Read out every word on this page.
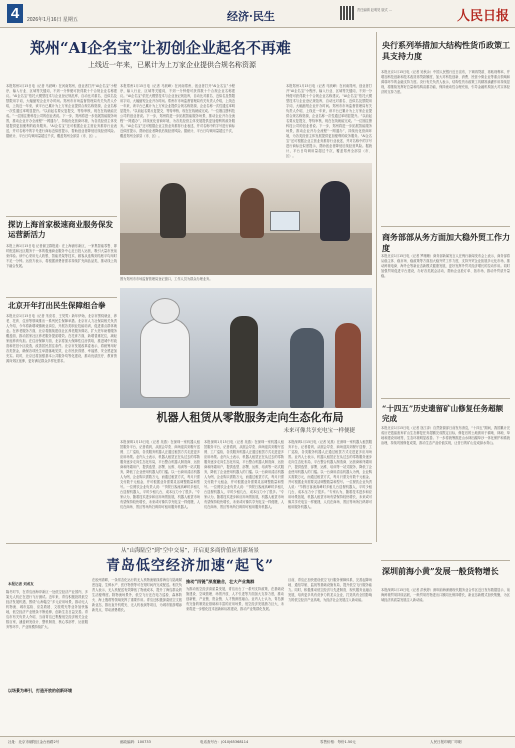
4	2026年1月16日 星期五	经济·民生	责任编辑 赵明昊 版式 …	人民日报
郑州“AI企名宝”让初创企业起名不再难
上线近一年来，已累计为上万家企业提供合规名称资源
本报郑州1月15日电（记者 马跃峰）在河南郑州，创业者打开“AI企名宝”小程序，输入行业、区域等关键词，不到一分钟便可获得数十个合规企业名称建议。“AI企名宝”依托大模型技术与企业登记规范库，自动比对重名、近似名及禁限用字词，大幅缩短企业开办时间。郑州市市场监督管理局有关负责人介绍，上线近一年来，该平台已累计为上万家企业提供合规名称资源，企业名称一次性通过率明显提升。“以前起名要反复提交、等待审核，现在在线就能完成。”一位刚注册科技公司的创业者说。下一步，郑州将进一步拓展智能服务场景，推动企业开办全流程“一网通办”，持续优化营商环境，为各类经营主体发展提供更加便利的政务服务。“AI企名宝”还可根据企业主营业务推荐行业表述，并对名称中的字号进行商标近似度提示，帮助创业者降低后续经营风险。据统计，平台日均调用量超过千次，覆盖郑州全部县（市、区）。
本报郑州1月15日电（记者 马跃峰）在河南郑州，创业者打开“AI企名宝”小程序，输入行业、区域等关键词，不到一分钟便可获得数十个合规企业名称建议。“AI企名宝”依托大模型技术与企业登记规范库，自动比对重名、近似名及禁限用字词，大幅缩短企业开办时间。郑州市市场监督管理局有关负责人介绍，上线近一年来，该平台已累计为上万家企业提供合规名称资源，企业名称一次性通过率明显提升。“以前起名要反复提交、等待审核，现在在线就能完成。”一位刚注册科技公司的创业者说。下一步，郑州将进一步拓展智能服务场景，推动企业开办全流程“一网通办”，持续优化营商环境，为各类经营主体发展提供更加便利的政务服务。“AI企名宝”还可根据企业主营业务推荐行业表述，并对名称中的字号进行商标近似度提示，帮助创业者降低后续经营风险。据统计，平台日均调用量超过千次，覆盖郑州全部县（市、区）。
本报郑州1月15日电（记者 马跃峰）在河南郑州，创业者打开“AI企名宝”小程序，输入行业、区域等关键词，不到一分钟便可获得数十个合规企业名称建议。“AI企名宝”依托大模型技术与企业登记规范库，自动比对重名、近似名及禁限用字词，大幅缩短企业开办时间。郑州市市场监督管理局有关负责人介绍，上线近一年来，该平台已累计为上万家企业提供合规名称资源，企业名称一次性通过率明显提升。“以前起名要反复提交、等待审核，现在在线就能完成。”一位刚注册科技公司的创业者说。下一步，郑州将进一步拓展智能服务场景，推动企业开办全流程“一网通办”，持续优化营商环境，为各类经营主体发展提供更加便利的政务服务。“AI企名宝”还可根据企业主营业务推荐行业表述，并对名称中的字号进行商标近似度提示，帮助创业者降低后续经营风险。据统计，平台日均调用量超过千次，覆盖郑州全部县（市、区）。
图为郑州市市场监督管理局登记窗口，工作人员为群众办理业务。
探访上海首家极速商业服务保发运营新活力
本报上海1月15日电 记者谢卫群报道：在上海浦东新区，一家集智能零售、即时配送和社区服务于一体的极速商业服务中心近日投入运营，吸引大量市民前来体验。该中心采用无人收银、智能货架等技术，顾客从选购到结账平均用时不足一分钟。运营方表示，将根据消费者需求持续扩充商品品类，推动线上线下融合发展。
北京开年打出民生保障组合拳
本报北京1月15日电（记者 朱竞若、王昊男）新年伊始，北京市围绕就业、养老、托育、住房等领域推出一系列民生保障举措。北京市人力社保局相关负责人介绍，今年将新增城镇就业岗位，开展各类职业技能培训，促进重点群体就业。在养老服务方面，北京将继续建设社区养老服务驿站，扩大老年助餐服务覆盖面，推动居家社区养老服务提质增效。在托育方面，新增普惠托位，减轻家庭养育负担。在住房保障方面，北京将加大保障性住房供给，推进城中村改造和老旧小区改造，改善居民居住条件。北京市发展改革委表示，将统筹用好各类资金，确保各项民生举措落地见效，让市民获得感、幸福感、安全感更加充实。同时，北京还将加强基本公共服务均等化建设，推动优质医疗、教育资源向郊区延伸，更好满足群众多样化需求。
机器人租赁从零散服务走向生态化布局
未来可像共享充电宝一样便捷
本报深圳1月15日电（记者 吴燕）在深圳一家机器人租赁服务平台，记者看到，从展会导览、商场迎宾到餐厅送餐、工厂巡检，各类服务机器人正通过租赁方式走进更多应用场景。业内人士表示，机器人租赁正在从过去的零散服务逐步走向生态化布局，平台整合机器人制造商、运营商和终端用户，提供选型、部署、运维、培训等一站式服务，降低了企业使用机器人的门槛。以一台商用清洁机器人为例，企业购买需数万元，而通过租赁方式，每月只需支付数千元租金，并可根据业务需要灵活调整数量和型号。一位餐饮企业负责人说：“节假日客流高峰时多租几台送餐机器人，平时少租几台，成本压力小了很多。”专家认为，随着技术进步和应用场景拓展，机器人租赁市场有望保持较快增长，未来或可像共享充电宝一样便捷，人们在商场、景区等场所扫码即可租用服务机器人。
本报深圳1月15日电（记者 吴燕）在深圳一家机器人租赁服务平台，记者看到，从展会导览、商场迎宾到餐厅送餐、工厂巡检，各类服务机器人正通过租赁方式走进更多应用场景。业内人士表示，机器人租赁正在从过去的零散服务逐步走向生态化布局，平台整合机器人制造商、运营商和终端用户，提供选型、部署、运维、培训等一站式服务，降低了企业使用机器人的门槛。以一台商用清洁机器人为例，企业购买需数万元，而通过租赁方式，每月只需支付数千元租金，并可根据业务需要灵活调整数量和型号。一位餐饮企业负责人说：“节假日客流高峰时多租几台送餐机器人，平时少租几台，成本压力小了很多。”专家认为，随着技术进步和应用场景拓展，机器人租赁市场有望保持较快增长，未来或可像共享充电宝一样便捷，人们在商场、景区等场所扫码即可租用服务机器人。
本报深圳1月15日电（记者 吴燕）在深圳一家机器人租赁服务平台，记者看到，从展会导览、商场迎宾到餐厅送餐、工厂巡检，各类服务机器人正通过租赁方式走进更多应用场景。业内人士表示，机器人租赁正在从过去的零散服务逐步走向生态化布局，平台整合机器人制造商、运营商和终端用户，提供选型、部署、运维、培训等一站式服务，降低了企业使用机器人的门槛。以一台商用清洁机器人为例，企业购买需数万元，而通过租赁方式，每月只需支付数千元租金，并可根据业务需要灵活调整数量和型号。一位餐饮企业负责人说：“节假日客流高峰时多租几台送餐机器人，平时少租几台，成本压力小了很多。”专家认为，随着技术进步和应用场景拓展，机器人租赁市场有望保持较快增长，未来或可像共享充电宝一样便捷，人们在商场、景区等场所扫码即可租用服务机器人。
央行系列举措加大结构性货币政策工具支持力度
本报北京1月15日电（记者 吴秋余）中国人民银行近日宣布，下调再贷款、再贴现利率，并增加科技创新和技术改造再贷款额度，加大对科技创新、消费、民营小微企业等重点领域和薄弱环节的金融支持力度。央行有关负责人表示，结构性货币政策工具精准滴灌作用持续显现，将继续发挥好总量和结构双重功能，保持流动性合理充裕，引导金融机构加大对实体经济的支持力度。
商务部部从务方面加大稳外贸工作力度
本报北京1月15日电（记者 罗珊珊）商务部新闻发言人在例行新闻发布会上表示，商务部将从稳主体、稳市场、稳政策等方面加大稳外贸工作力度，支持外贸企业拓展多元化市场，推动跨境电商、海外仓等新业态新模式健康发展，更好发挥外贸对经济增长的拉动作用。同时加强贸易促进平台建设，办好各类展会活动，帮助企业抢订单、拓市场，推动外贸质升量稳。
“十四五”历史遗留矿山修复任务超额完成
本报北京1月15日电（记者 寇江泽）自然资源部日前发布消息，“十四五”期间，我国累计完成历史遗留废弃矿山生态修复任务超额完成既定目标，修复后的土地被用于耕地、林地、草地和建设用地等，生态环境明显改善。下一步将统筹推进山水林田湖草沙一体化保护和系统治理，持续巩固修复成果，推动生态产品价值实现，让昔日的矿山变成绿水青山。
深圳前海小黄”发展一般货物增长
本报深圳1月15日电（记者 洪秋婷）深圳前海深港现代服务业合作区近日发布数据显示，前海跨境贸易持续活跃，一般贸易货物进出口额同比保持增长，新业态新模式加快集聚，为区域经济高质量发展注入新动能。
从“山海陆空”到“空中交易”，开启更多商价值应用新场景
青岛低空经济加速“起飞”
本报记者 刘成友
隆冬时节，在青岛西海岸新区一处低空经济产业园内，多架无人机正在进行飞行测试。近年来，青岛积极抢抓低空经济发展机遇，围绕“山海陆空”多元应用场景，推动无人机物流、城市巡检、应急救援、文旅观光等业务加快落地，低空经济产业链条不断延伸，创新生态日益完善。青岛市有关负责人介绍，当前青岛已集聚低空经济相关企业数百家，涵盖研发设计、整机制造、核心零部件、运营服务等环节，产业规模持续扩大。
在胶州湾畔，一条常态化运行的无人机物流航线将海岛与陆地紧密连接，生鲜水产、医疗物资等可在短时间内完成配送。相关负责人表示，无人机配送有效降低了物流成本，提升了海岛群众的生活便利度。除物流场景外，低空飞行还在电力巡检、森林防火、海上搜救等领域发挥了重要作用。青岛还积极探索低空文旅新业态，推出直升机观光、无人机表演等项目，为城市旅游增添新亮点，带动消费增长。
推动“四链”深度融合，壮大产业集群
为推动低空经济高质量发展，青岛出台了一系列支持政策，在基础设施建设、空域管理、场景开放、人才引进等方面加大支持力度，推动创新链、产业链、资金链、人才链深度融合。业内人士认为，青岛拥有完备的制造业基础和丰富的应用场景，低空经济发展潜力巨大，未来将进一步强化技术创新和标准建设，推动产业集群化发展。
目前，青岛正加快建设低空飞行服务保障体系，完善起降场地、通信导航、监视等基础设施布局，提升低空飞行服务能力。同时，积极推动低空经济与先进制造、现代服务业融合发展，培育更多具有竞争力的龙头企业，打造具有全国影响力的低空经济产业高地，为经济社会发展注入新动能。
以场景为牵引，打造开放的创新环境
社址：北京市朝阳区金台西路2号	邮政编码：100733	电话查号台：(010)65368114	零售价格：每份1.50元	人民日报印刷厂印刷
